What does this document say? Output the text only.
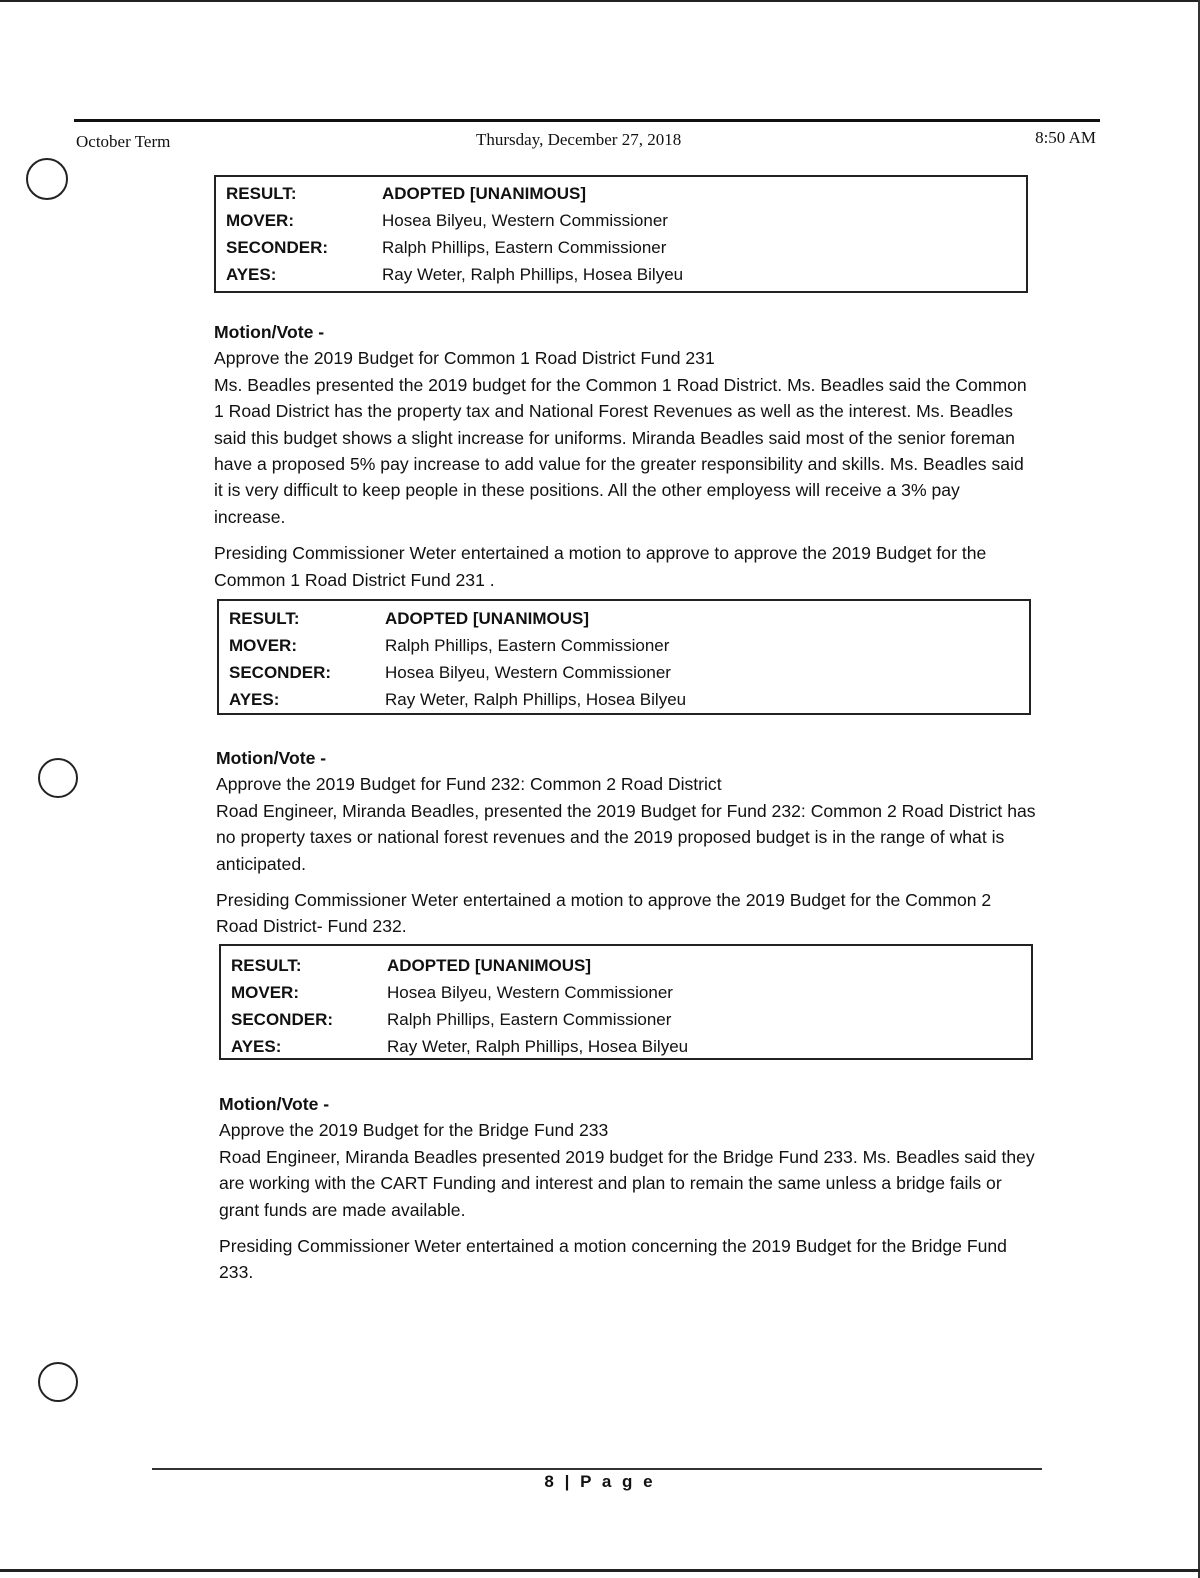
October Term	Thursday, December 27, 2018	8:50 AM
RESULT:	ADOPTED [UNANIMOUS]
MOVER:	Hosea Bilyeu, Western Commissioner
SECONDER:	Ralph Phillips, Eastern Commissioner
AYES:	Ray Weter, Ralph Phillips, Hosea Bilyeu
Motion/Vote -

Approve the 2019 Budget for Common 1 Road District Fund 231

Ms. Beadles presented the 2019 budget for the Common 1 Road District. Ms. Beadles said the Common 1 Road District has the property tax and National Forest Revenues as well as the interest. Ms. Beadles said this budget shows a slight increase for uniforms. Miranda Beadles said most of the senior foreman have a proposed 5% pay increase to add value for the greater responsibility and skills. Ms. Beadles said it is very difficult to keep people in these positions. All the other employess will receive a 3% pay increase.

Presiding Commissioner Weter entertained a motion to approve to approve the 2019 Budget for the Common 1 Road District Fund 231 .

RESULT:	ADOPTED [UNANIMOUS]
MOVER:	Ralph Phillips, Eastern Commissioner
SECONDER:	Hosea Bilyeu, Western Commissioner
AYES:	Ray Weter, Ralph Phillips, Hosea Bilyeu
Motion/Vote -

Approve the 2019 Budget for Fund 232: Common 2 Road District

Road Engineer, Miranda Beadles, presented the 2019 Budget for Fund 232: Common 2 Road District has no property taxes or national forest revenues and the 2019 proposed budget is in the range of what is anticipated.

Presiding Commissioner Weter entertained a motion to approve the 2019 Budget for the Common 2 Road District- Fund 232.

RESULT:	ADOPTED [UNANIMOUS]
MOVER:	Hosea Bilyeu, Western Commissioner
SECONDER:	Ralph Phillips, Eastern Commissioner
AYES:	Ray Weter, Ralph Phillips, Hosea Bilyeu
Motion/Vote -

Approve the 2019 Budget for the Bridge Fund 233

Road Engineer, Miranda Beadles presented 2019 budget for the Bridge Fund 233. Ms. Beadles said they are working with the CART Funding and interest and plan to remain the same unless a bridge fails or grant funds are made available.

Presiding Commissioner Weter entertained a motion concerning the 2019 Budget for the Bridge Fund 233.

8 | P a g e
